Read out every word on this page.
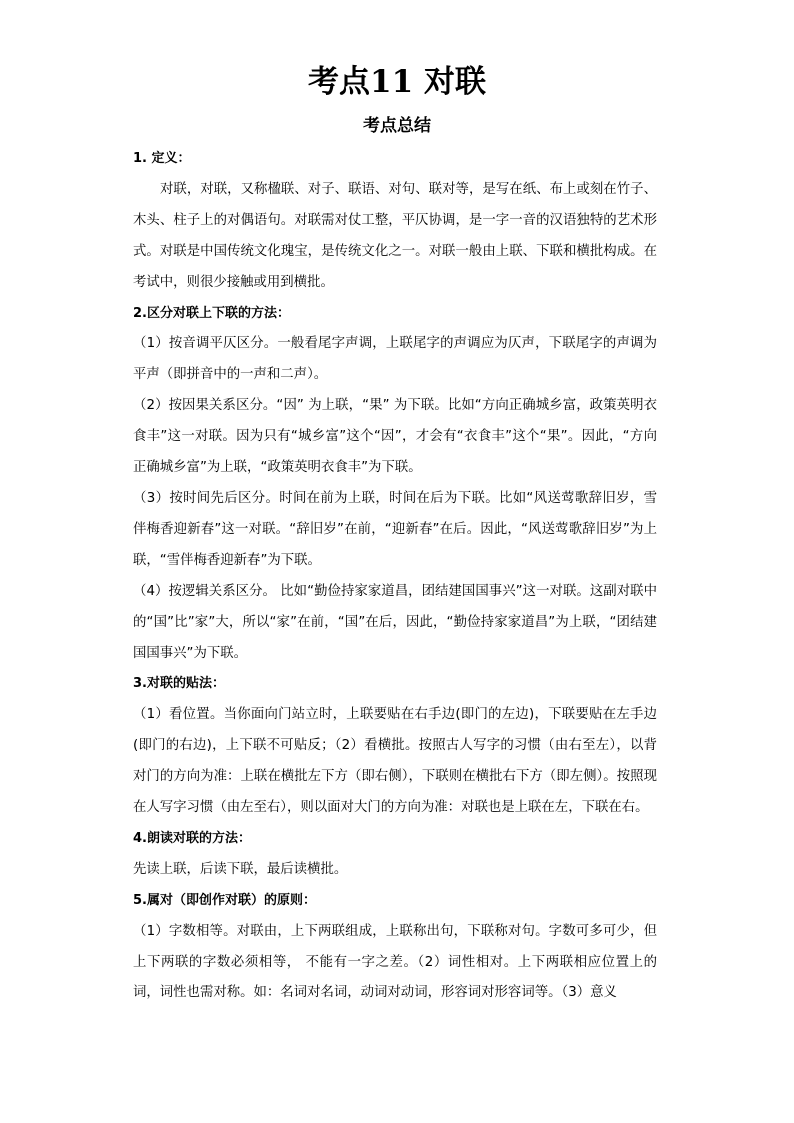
考点11 对联
考点总结

1. 定义：

对联，对联，又称楹联、对子、联语、对句、联对等，是写在纸、布上或刻在竹子、木头、柱子上的对偶语句。对联需对仗工整，平仄协调，是一字一音的汉语独特的艺术形式。对联是中国传统文化瑰宝，是传统文化之一。对联一般由上联、下联和横批构成。在考试中，则很少接触或用到横批。

2.区分对联上下联的方法：

（1）按音调平仄区分。一般看尾字声调，上联尾字的声调应为仄声，下联尾字的声调为平声（即拼音中的一声和二声）。

（2）按因果关系区分。“因” 为上联，“果” 为下联。比如“方向正确城乡富，政策英明衣食丰”这一对联。因为只有“城乡富”这个“因”，才会有“衣食丰”这个“果”。因此，“方向正确城乡富”为上联，“政策英明衣食丰”为下联。

（3）按时间先后区分。时间在前为上联，时间在后为下联。比如“风送莺歌辞旧岁，雪伴梅香迎新春”这一对联。“辞旧岁”在前，“迎新春”在后。因此，“风送莺歌辞旧岁”为上联，“雪伴梅香迎新春”为下联。

（4）按逻辑关系区分。 比如“勤俭持家家道昌，团结建国国事兴”这一对联。这副对联中的“国”比”家”大，所以“家”在前，“国”在后，因此，“勤俭持家家道昌”为上联，“团结建国国事兴”为下联。

3.对联的贴法：

（1）看位置。当你面向门站立时，上联要贴在右手边(即门的左边)，下联要贴在左手边(即门的右边)，上下联不可贴反；（2）看横批。按照古人写字的习惯（由右至左），以背对门的方向为准：上联在横批左下方（即右侧），下联则在横批右下方（即左侧）。按照现在人写字习惯（由左至右），则以面对大门的方向为准：对联也是上联在左，下联在右。

4.朗读对联的方法：

先读上联，后读下联，最后读横批。

5.属对（即创作对联）的原则：

（1）字数相等。对联由，上下两联组成，上联称出句，下联称对句。字数可多可少，但上下两联的字数必须相等， 不能有一字之差。（2）词性相对。上下两联相应位置上的词，词性也需对称。如：名词对名词，动词对动词，形容词对形容词等。（3）意义
